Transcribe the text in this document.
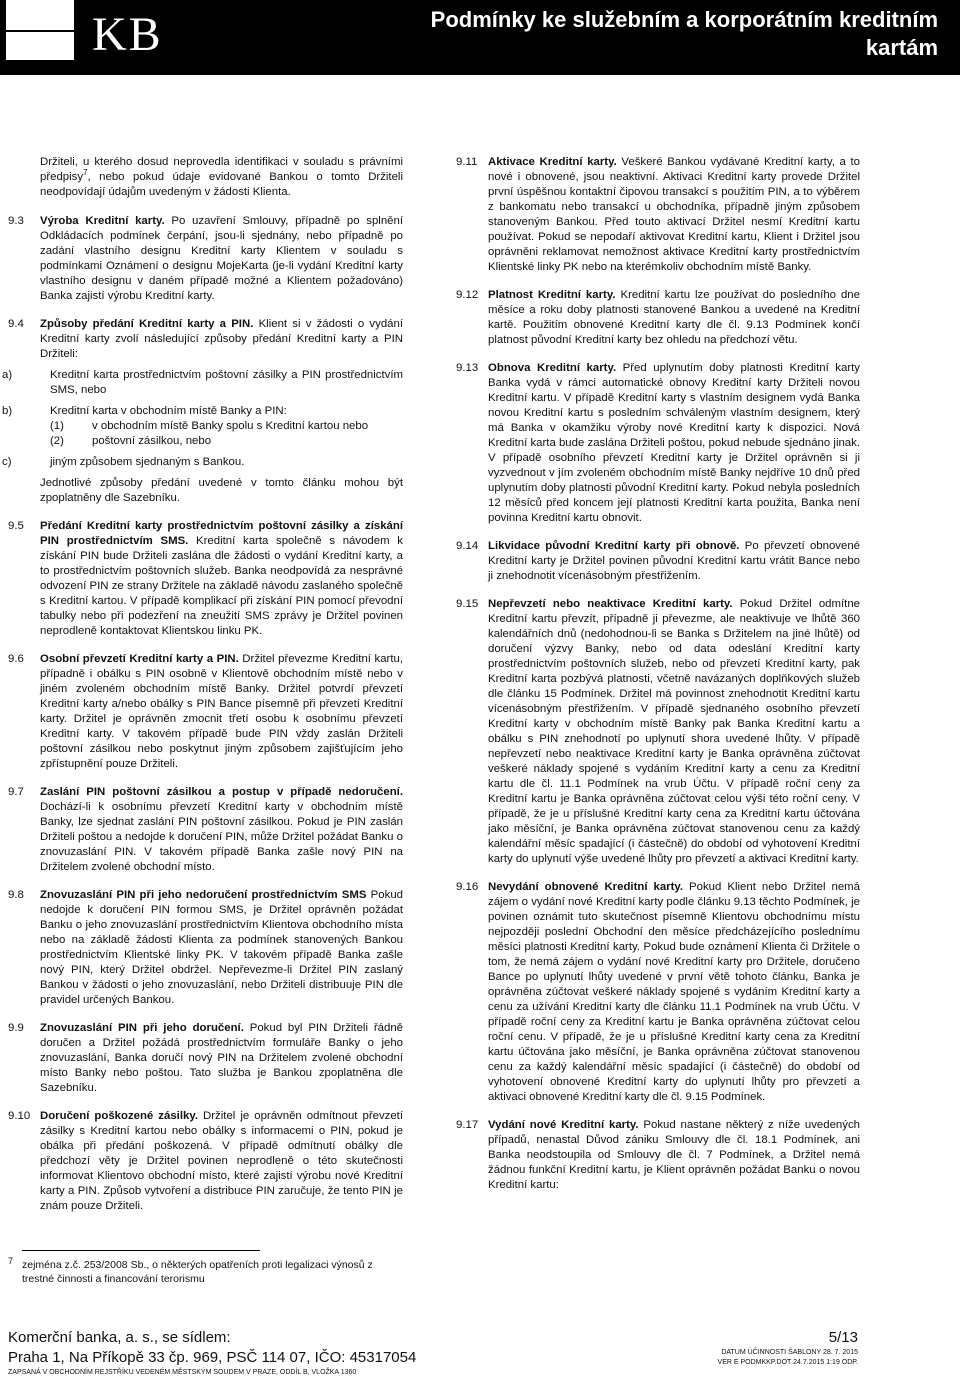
KB	Podmínky ke služebním a korporátním kreditním kartám
Držiteli, u kterého dosud neprovedla identifikaci v souladu s právními předpisy$^7$, nebo pokud údaje evidované Bankou o tomto Držiteli neodpovídají údajům uvedeným v žádosti Klienta.
9.3 Výroba Kreditní karty. Po uzavření Smlouvy, případně po splnění Odkládacích podmínek čerpání, jsou-li sjednány, nebo případně po zadání vlastního designu Kreditní karty Klientem v souladu s podmínkami Oznámení o designu MojeKarta (je-li vydání Kreditní karty vlastního designu v daném případě možné a Klientem požadováno) Banka zajistí výrobu Kreditní karty.
9.4 Způsoby předání Kreditní karty a PIN. Klient si v žádosti o vydání Kreditní karty zvolí následující způsoby předání Kreditní karty a PIN Držiteli:
a)	Kreditní karta prostřednictvím poštovní zásilky a PIN prostřednictvím SMS, nebo
b)	Kreditní karta v obchodním místě Banky a PIN:
(1) v obchodním místě Banky spolu s Kreditní kartou nebo
(2) poštovní zásilkou, nebo
c)	jiným způsobem sjednaným s Bankou.
Jednotlivé způsoby předání uvedené v tomto článku mohou být zpoplatněny dle Sazebníku.
9.5 Předání Kreditní karty prostřednictvím poštovní zásilky a získání PIN prostřednictvím SMS. Kreditní karta společně s návodem k získání PIN bude Držiteli zaslána dle žádosti o vydání Kreditní karty, a to prostřednictvím poštovních služeb. Banka neodpovídá za nesprávné odvození PIN ze strany Držitele na základě návodu zaslaného společně s Kreditní kartou. V případě komplikací při získání PIN pomocí převodní tabulky nebo při podezření na zneužití SMS zprávy je Držitel povinen neprodleně kontaktovat Klientskou linku PK.
9.6 Osobní převzetí Kreditní karty a PIN. Držitel převezme Kreditní kartu, případně i obálku s PIN osobně v Klientově obchodním místě nebo v jiném zvoleném obchodním místě Banky. Držitel potvrdí převzetí Kreditní karty a/nebo obálky s PIN Bance písemně při převzetí Kreditní karty. Držitel je oprávněn zmocnit třetí osobu k osobnímu převzetí Kreditní karty. V takovém případě bude PIN vždy zaslán Držiteli poštovní zásilkou nebo poskytnut jiným způsobem zajišťujícím jeho zpřístupnění pouze Držiteli.
9.7 Zaslání PIN poštovní zásilkou a postup v případě nedoručení. Dochází-li k osobnímu převzetí Kreditní karty v obchodním místě Banky, lze sjednat zaslání PIN poštovní zásilkou. Pokud je PIN zaslán Držiteli poštou a nedojde k doručení PIN, může Držitel požádat Banku o znovuzaslání PIN. V takovém případě Banka zašle nový PIN na Držitelem zvolené obchodní místo.
9.8 Znovuzaslání PIN při jeho nedoručení prostřednictvím SMS Pokud nedojde k doručení PIN formou SMS, je Držitel oprávněn požádat Banku o jeho znovuzaslání prostřednictvím Klientova obchodního místa nebo na základě žádosti Klienta za podmínek stanovených Bankou prostřednictvím Klientské linky PK. V takovém případě Banka zašle nový PIN, který Držitel obdržel. Nepřevezme-li Držitel PIN zaslaný Bankou v žádosti o jeho znovuzaslání, nebo Držiteli distribuuje PIN dle pravidel určených Bankou.
9.9 Znovuzaslání PIN při jeho doručení. Pokud byl PIN Držiteli řádně doručen a Držitel požádá prostřednictvím formuláře Banky o jeho znovuzaslání, Banka doručí nový PIN na Držitelem zvolené obchodní místo Banky nebo poštou. Tato služba je Bankou zpoplatněna dle Sazebníku.
9.10 Doručení poškozené zásilky. Držitel je oprávněn odmítnout převzetí zásilky s Kreditní kartou nebo obálky s informacemi o PIN, pokud je obálka při předání poškozená. V případě odmítnutí obálky dle předchozí věty je Držitel povinen neprodleně o této skutečnosti informovat Klientovo obchodní místo, které zajistí výrobu nové Kreditní karty a PIN. Způsob vytvoření a distribuce PIN zaručuje, že tento PIN je znám pouze Držiteli.
9.11 Aktivace Kreditní karty. Veškeré Bankou vydávané Kreditní karty, a to nové i obnovené, jsou neaktivní. Aktivaci Kreditní karty provede Držitel první úspěšnou kontaktní čipovou transakcí s použitím PIN, a to výběrem z bankomatu nebo transakcí u obchodníka, případně jiným způsobem stanoveným Bankou. Před touto aktivací Držitel nesmí Kreditní kartu používat. Pokud se nepodaří aktivovat Kreditní kartu, Klient i Držitel jsou oprávněni reklamovat nemožnost aktivace Kreditní karty prostřednictvím Klientské linky PK nebo na kterémkoliv obchodním místě Banky.
9.12 Platnost Kreditní karty. Kreditní kartu lze používat do posledního dne měsíce a roku doby platnosti stanovené Bankou a uvedené na Kreditní kartě. Použitím obnovené Kreditní karty dle čl. 9.13 Podmínek končí platnost původní Kreditní karty bez ohledu na předchozí větu.
9.13 Obnova Kreditní karty. Před uplynutím doby platnosti Kreditní karty Banka vydá v rámci automatické obnovy Kreditní karty Držiteli novou Kreditní kartu. V případě Kreditní karty s vlastním designem vydá Banka novou Kreditní kartu s posledním schváleným vlastním designem, který má Banka v okamžiku výroby nové Kreditní karty k dispozici. Nová Kreditní karta bude zaslána Držiteli poštou, pokud nebude sjednáno jinak. V případě osobního převzetí Kreditní karty je Držitel oprávněn si ji vyzvednout v jím zvoleném obchodním místě Banky nejdříve 10 dnů před uplynutím doby platnosti původní Kreditní karty. Pokud nebyla posledních 12 měsíců před koncem její platnosti Kreditní karta použita, Banka není povinna Kreditní kartu obnovit.
9.14 Likvidace původní Kreditní karty při obnově. Po převzetí obnovené Kreditní karty je Držitel povinen původní Kreditní kartu vrátit Bance nebo ji znehodnotit vícenásobným přestřižením.
9.15 Nepřevzetí nebo neaktivace Kreditní karty. Pokud Držitel odmítne Kreditní kartu převzít, případně ji převezme, ale neaktivuje ve lhůtě 360 kalendářních dnů (nedohodnou-li se Banka s Držitelem na jiné lhůtě) od doručení výzvy Banky, nebo od data odeslání Kreditní karty prostřednictvím poštovních služeb, nebo od převzetí Kreditní karty, pak Kreditní karta pozbývá platnosti, včetně navázaných doplňkových služeb dle článku 15 Podmínek. Držitel má povinnost znehodnotit Kreditní kartu vícenásobným přestřižením. V případě sjednaného osobního převzetí Kreditní karty v obchodním místě Banky pak Banka Kreditní kartu a obálku s PIN znehodnotí po uplynutí shora uvedené lhůty. V případě nepřevzetí nebo neaktivace Kreditní karty je Banka oprávněna zúčtovat veškeré náklady spojené s vydáním Kreditní karty a cenu za Kreditní kartu dle čl. 11.1 Podmínek na vrub Účtu. V případě roční ceny za Kreditní kartu je Banka oprávněna zúčtovat celou výši této roční ceny. V případě, že je u příslušné Kreditní karty cena za Kreditní kartu účtována jako měsíční, je Banka oprávněna zúčtovat stanovenou cenu za každý kalendářní měsíc spadající (i částečně) do období od vyhotovení Kreditní karty do uplynutí výše uvedené lhůty pro převzetí a aktivaci Kreditní karty.
9.16 Nevydání obnovené Kreditní karty. Pokud Klient nebo Držitel nemá zájem o vydání nové Kreditní karty podle článku 9.13 těchto Podmínek, je povinen oznámit tuto skutečnost písemně Klientovu obchodnímu místu nejpozději poslední Obchodní den měsíce předcházejícího poslednímu měsíci platnosti Kreditní karty. Pokud bude oznámení Klienta či Držitele o tom, že nemá zájem o vydání nové Kreditní karty pro Držitele, doručeno Bance po uplynutí lhůty uvedené v první větě tohoto článku, Banka je oprávněna zúčtovat veškeré náklady spojené s vydáním Kreditní karty a cenu za užívání Kreditní karty dle článku 11.1 Podmínek na vrub Účtu. V případě roční ceny za Kreditní kartu je Banka oprávněna zúčtovat celou roční cenu. V případě, že je u příslušné Kreditní karty cena za Kreditní kartu účtována jako měsíční, je Banka oprávněna zúčtovat stanovenou cenu za každý kalendářní měsíc spadající (i částečně) do období od vyhotovení obnovené Kreditní karty do uplynutí lhůty pro převzetí a aktivaci obnovené Kreditní karty dle čl. 9.15 Podmínek.
9.17 Vydání nové Kreditní karty. Pokud nastane některý z níže uvedených případů, nenastal Důvod zániku Smlouvy dle čl. 18.1 Podmínek, ani Banka neodstoupila od Smlouvy dle čl. 7 Podmínek, a Držitel nemá žádnou funkční Kreditní kartu, je Klient oprávněn požádat Banku o novou Kreditní kartu:
7 zejména z.č. 253/2008 Sb., o některých opatřeních proti legalizaci výnosů z trestné činnosti a financování terorismu
Komerční banka, a. s., se sídlem:
Praha 1, Na Příkopě 33 čp. 969, PSČ 114 07, IČO: 45317054
ZAPSANÁ V OBCHODNÍM REJSTŘÍKU VEDENÉM MĚSTSKÝM SOUDEM V PRAZE, ODDÍL B, VLOŽKA 1360
5/13
DATUM ÚČINNOSTI ŠABLONY 28. 7. 2015
VER E PODMKKP.DOT 24.7.2015 1:19 ODP.
